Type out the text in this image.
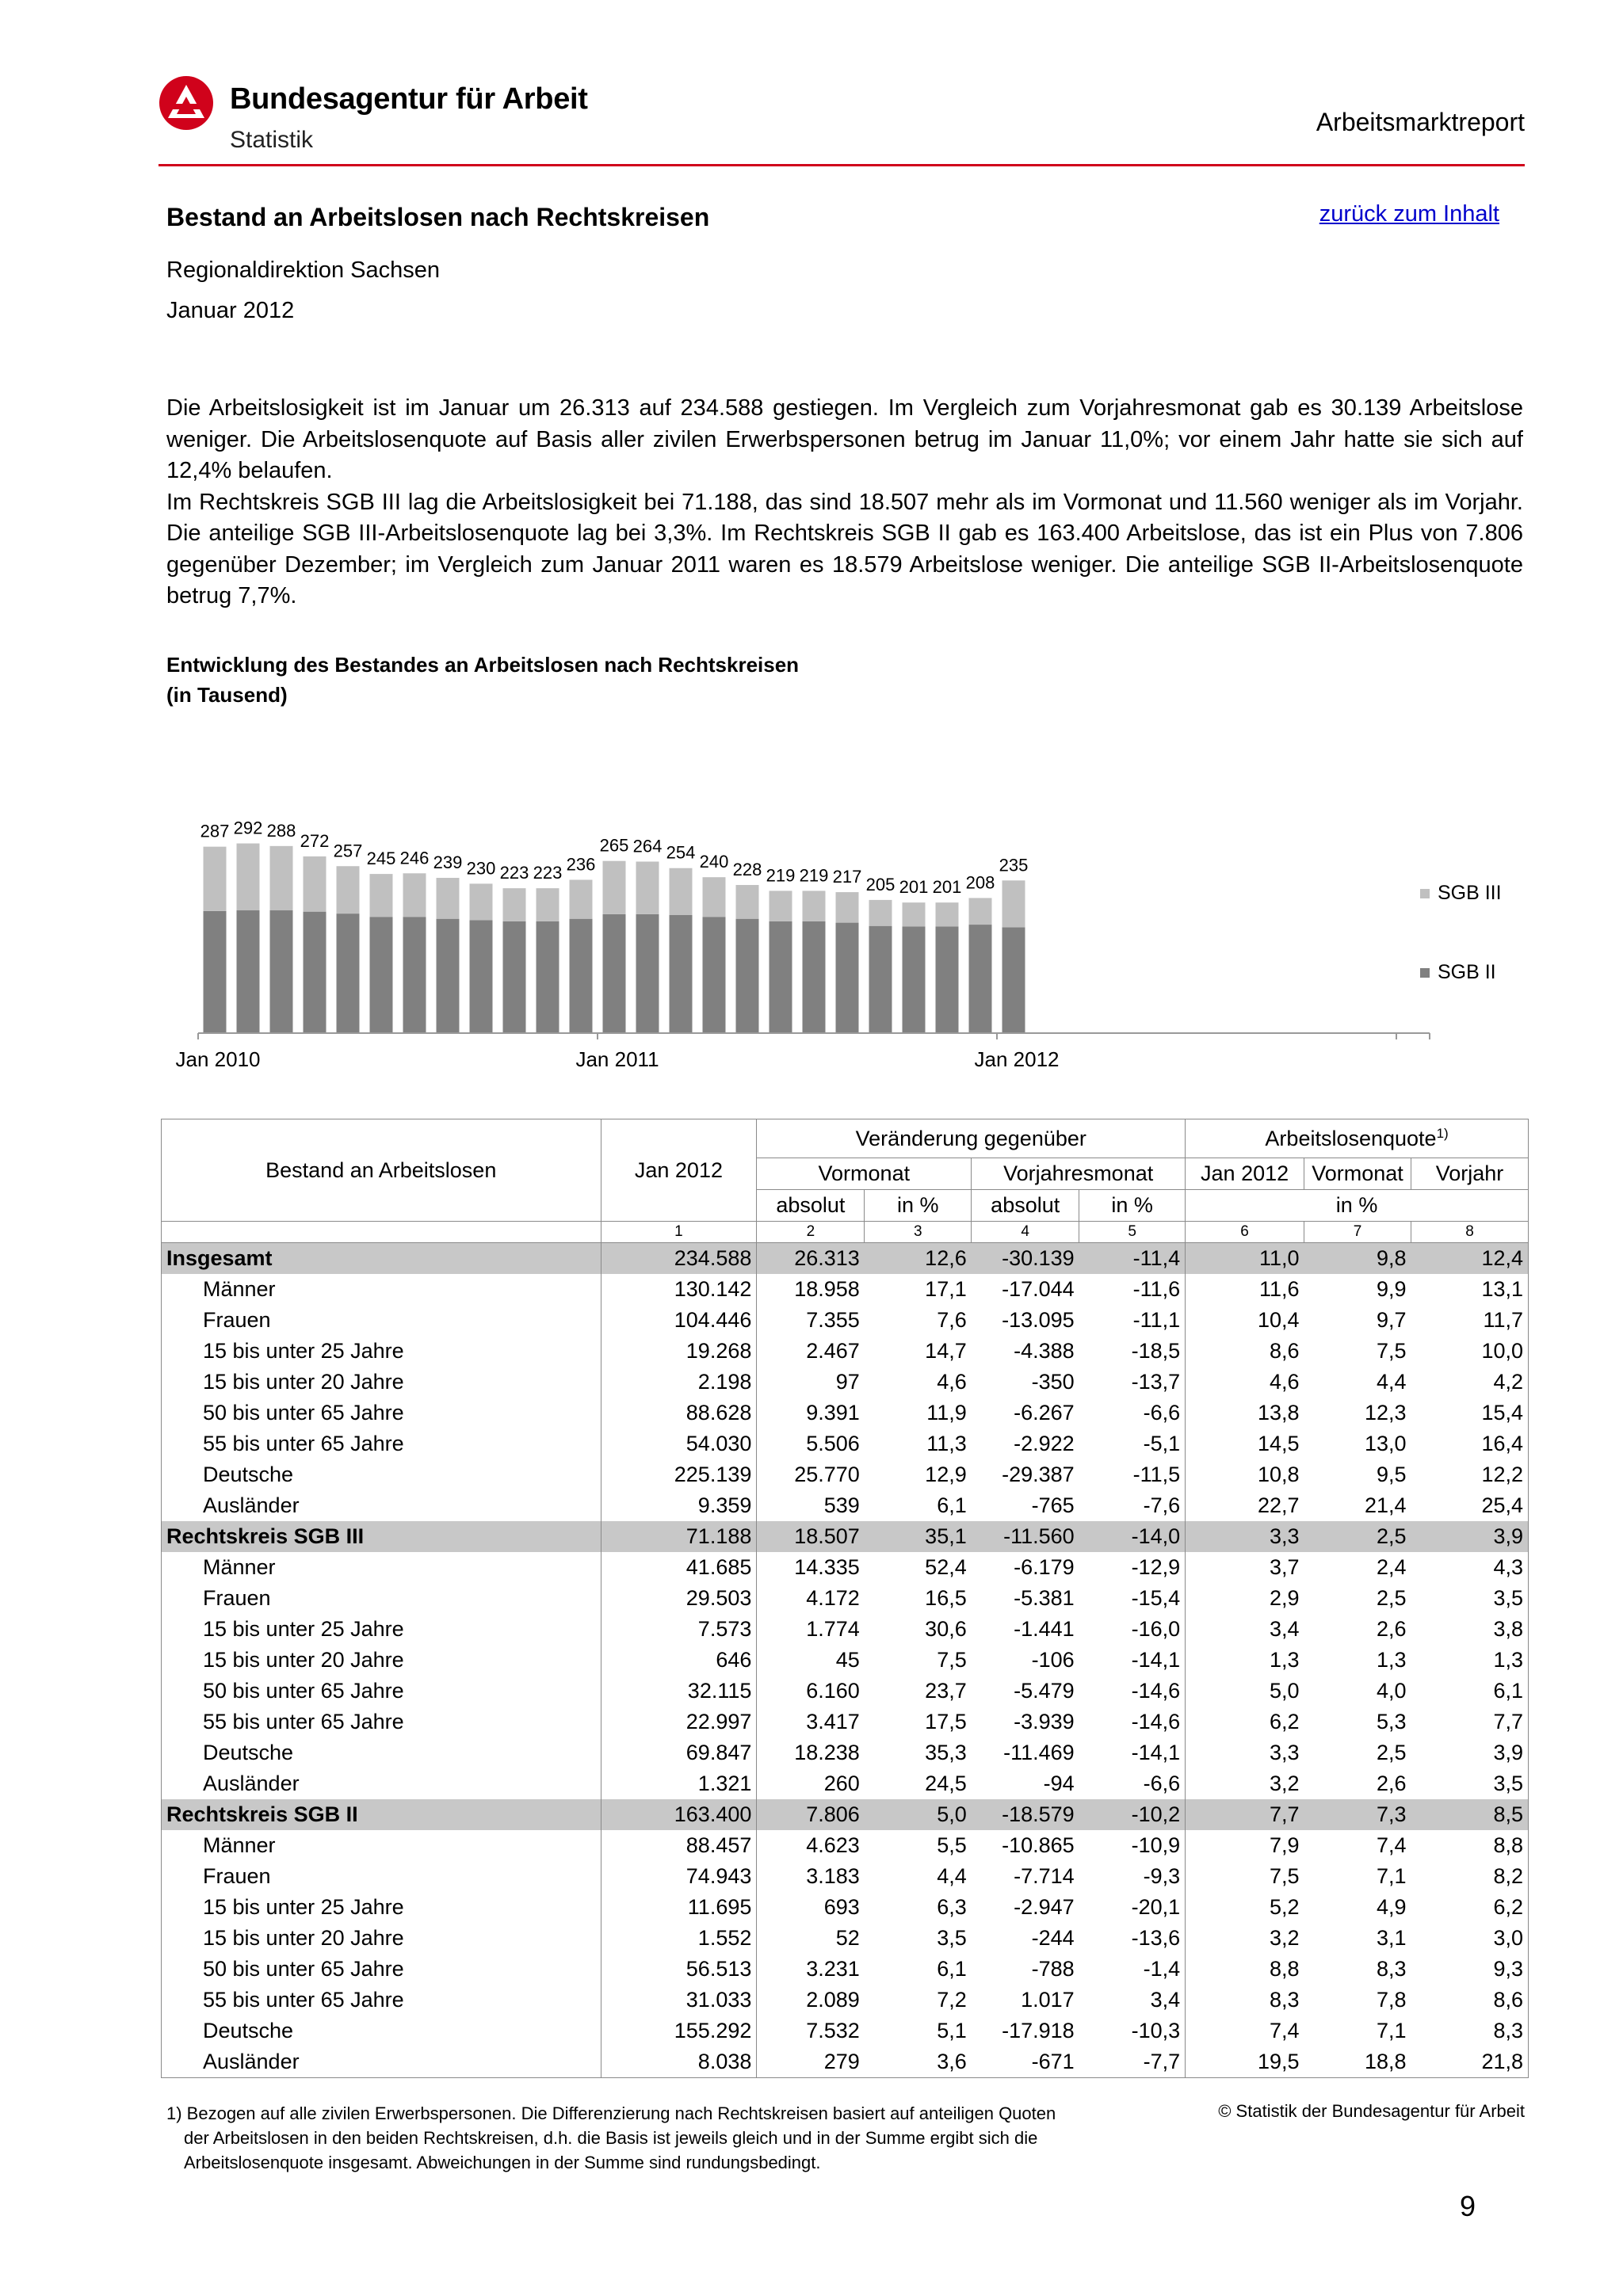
Bundesagentur für Arbeit
Statistik
Arbeitsmarktreport
Bestand an Arbeitslosen nach Rechtskreisen	zurück zum Inhalt
Regionaldirektion Sachsen
Januar 2012

Die Arbeitslosigkeit ist im Januar um 26.313 auf 234.588 gestiegen. Im Vergleich zum Vorjahresmonat gab es 30.139 Arbeitslose weniger. Die Arbeitslosenquote auf Basis aller zivilen Erwerbspersonen betrug im Januar 11,0%; vor einem Jahr hatte sie sich auf 12,4% belaufen.

Im Rechtskreis SGB III lag die Arbeitslosigkeit bei 71.188, das sind 18.507 mehr als im Vormonat und 11.560 weniger als im Vorjahr. Die anteilige SGB III-Arbeitslosenquote lag bei 3,3%. Im Rechtskreis SGB II gab es 163.400 Arbeitslose, das ist ein Plus von 7.806 gegenüber Dezember; im Vergleich zum Januar 2011 waren es 18.579 Arbeitslose weniger. Die anteilige SGB II-Arbeitslosenquote betrug 7,7%.

Entwicklung des Bestandes an Arbeitslosen nach Rechtskreisen
(in Tausend)
287 292 288
272 257 245 246 239 230 223 223 236
265 264 254 240 228 219 219 217 205 201 201 208
235
Jan 2010	Jan 2011	Jan 2012
SGB III
SGB II
Bestand an Arbeitslosen	Jan 2012	Veränderung gegenüber				Arbeitslosenquote$^{1)}$
		Vormonat		Vorjahresmonat		Jan 2012	Vormonat	Vorjahr
		absolut	in %	absolut	in %	in %		
	1	2	3	4	5	6	7	8
Insgesamt	234.588	26.313	12,6	-30.139	-11,4	11,0	9,8	12,4
Männer	130.142	18.958	17,1	-17.044	-11,6	11,6	9,9	13,1
Frauen	104.446	7.355	7,6	-13.095	-11,1	10,4	9,7	11,7
15 bis unter 25 Jahre	19.268	2.467	14,7	-4.388	-18,5	8,6	7,5	10,0
15 bis unter 20 Jahre	2.198	97	4,6	-350	-13,7	4,6	4,4	4,2
50 bis unter 65 Jahre	88.628	9.391	11,9	-6.267	-6,6	13,8	12,3	15,4
55 bis unter 65 Jahre	54.030	5.506	11,3	-2.922	-5,1	14,5	13,0	16,4
Deutsche	225.139	25.770	12,9	-29.387	-11,5	10,8	9,5	12,2
Ausländer	9.359	539	6,1	-765	-7,6	22,7	21,4	25,4
Rechtskreis SGB III	71.188	18.507	35,1	-11.560	-14,0	3,3	2,5	3,9
Männer	41.685	14.335	52,4	-6.179	-12,9	3,7	2,4	4,3
Frauen	29.503	4.172	16,5	-5.381	-15,4	2,9	2,5	3,5
15 bis unter 25 Jahre	7.573	1.774	30,6	-1.441	-16,0	3,4	2,6	3,8
15 bis unter 20 Jahre	646	45	7,5	-106	-14,1	1,3	1,3	1,3
50 bis unter 65 Jahre	32.115	6.160	23,7	-5.479	-14,6	5,0	4,0	6,1
55 bis unter 65 Jahre	22.997	3.417	17,5	-3.939	-14,6	6,2	5,3	7,7
Deutsche	69.847	18.238	35,3	-11.469	-14,1	3,3	2,5	3,9
Ausländer	1.321	260	24,5	-94	-6,6	3,2	2,6	3,5
Rechtskreis SGB II	163.400	7.806	5,0	-18.579	-10,2	7,7	7,3	8,5
Männer	88.457	4.623	5,5	-10.865	-10,9	7,9	7,4	8,8
Frauen	74.943	3.183	4,4	-7.714	-9,3	7,5	7,1	8,2
15 bis unter 25 Jahre	11.695	693	6,3	-2.947	-20,1	5,2	4,9	6,2
15 bis unter 20 Jahre	1.552	52	3,5	-244	-13,6	3,2	3,1	3,0
50 bis unter 65 Jahre	56.513	3.231	6,1	-788	-1,4	8,8	8,3	9,3
55 bis unter 65 Jahre	31.033	2.089	7,2	1.017	3,4	8,3	7,8	8,6
Deutsche	155.292	7.532	5,1	-17.918	-10,3	7,4	7,1	8,3
Ausländer	8.038	279	3,6	-671	-7,7	19,5	18,8	21,8
1) Bezogen auf alle zivilen Erwerbspersonen. Die Differenzierung nach Rechtskreisen basiert auf anteiligen Quoten
der Arbeitslosen in den beiden Rechtskreisen, d.h. die Basis ist jeweils gleich und in der Summe ergibt sich die
Arbeitslosenquote insgesamt. Abweichungen in der Summe sind rundungsbedingt.
© Statistik der Bundesagentur für Arbeit
9
